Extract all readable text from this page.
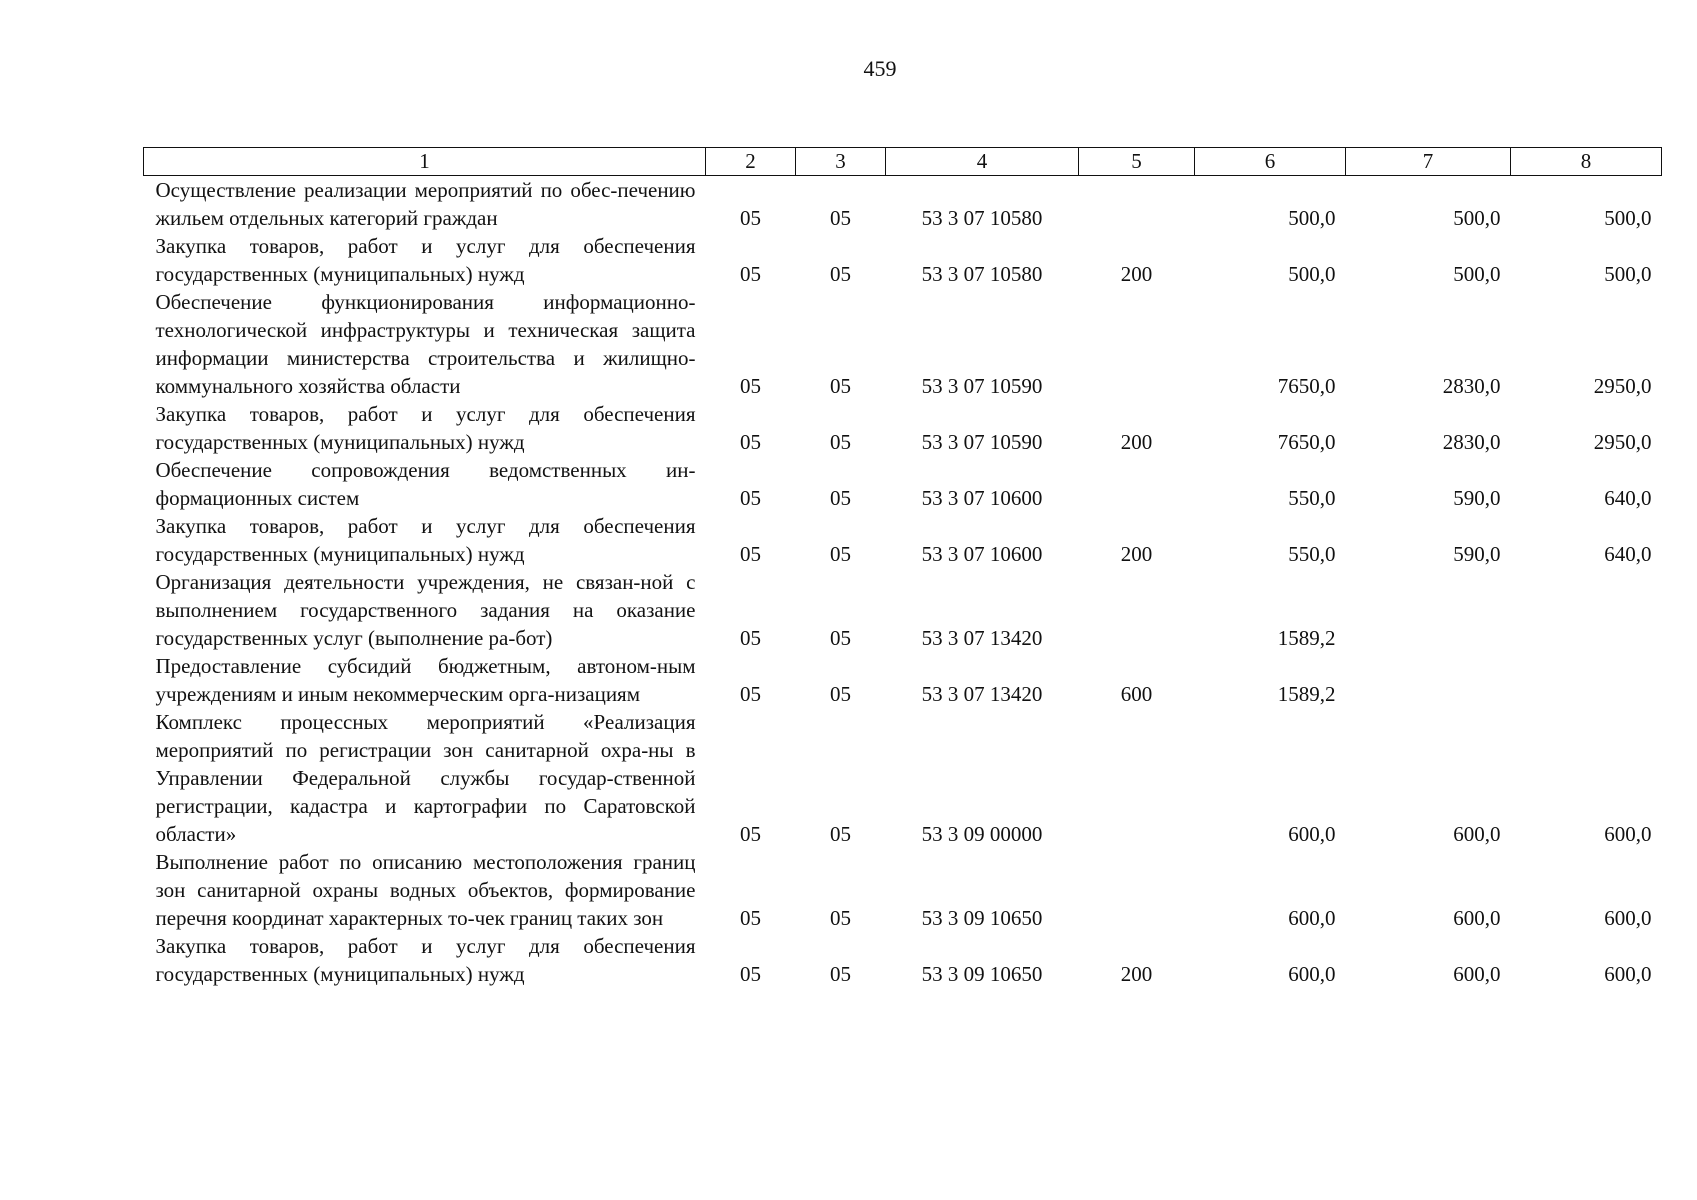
459
1	2	3	4	5	6	7	8
Осуществление реализации мероприятий по обес-печению жильем отдельных категорий граждан	05	05	53 3 07 10580		500,0	500,0	500,0
Закупка товаров, работ и услуг для обеспечения государственных (муниципальных) нужд	05	05	53 3 07 10580	200	500,0	500,0	500,0
Обеспечение функционирования информационно-технологической инфраструктуры и техническая защита информации министерства строительства и жилищно-коммунального хозяйства области	05	05	53 3 07 10590		7650,0	2830,0	2950,0
Закупка товаров, работ и услуг для обеспечения государственных (муниципальных) нужд	05	05	53 3 07 10590	200	7650,0	2830,0	2950,0
Обеспечение сопровождения ведомственных ин-формационных систем	05	05	53 3 07 10600		550,0	590,0	640,0
Закупка товаров, работ и услуг для обеспечения государственных (муниципальных) нужд	05	05	53 3 07 10600	200	550,0	590,0	640,0
Организация деятельности учреждения, не связан-ной с выполнением государственного задания на оказание государственных услуг (выполнение ра-бот)	05	05	53 3 07 13420		1589,2		
Предоставление субсидий бюджетным, автоном-ным учреждениям и иным некоммерческим орга-низациям	05	05	53 3 07 13420	600	1589,2		
Комплекс процессных мероприятий «Реализация мероприятий по регистрации зон санитарной охра-ны в Управлении Федеральной службы государ-ственной регистрации, кадастра и картографии по Саратовской области»	05	05	53 3 09 00000		600,0	600,0	600,0
Выполнение работ по описанию местоположения границ зон санитарной охраны водных объектов, формирование перечня координат характерных то-чек границ таких зон	05	05	53 3 09 10650		600,0	600,0	600,0
Закупка товаров, работ и услуг для обеспечения государственных (муниципальных) нужд	05	05	53 3 09 10650	200	600,0	600,0	600,0
